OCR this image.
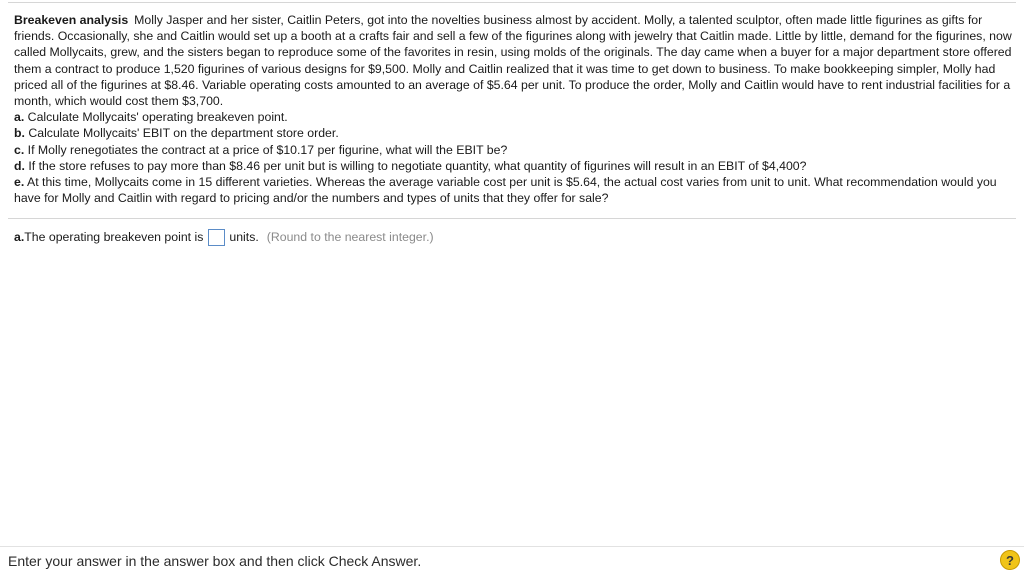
Breakeven analysis Molly Jasper and her sister, Caitlin Peters, got into the novelties business almost by accident. Molly, a talented sculptor, often made little figurines as gifts for friends. Occasionally, she and Caitlin would set up a booth at a crafts fair and sell a few of the figurines along with jewelry that Caitlin made. Little by little, demand for the figurines, now called Mollycaits, grew, and the sisters began to reproduce some of the favorites in resin, using molds of the originals. The day came when a buyer for a major department store offered them a contract to produce 1,520 figurines of various designs for $9,500. Molly and Caitlin realized that it was time to get down to business. To make bookkeeping simpler, Molly had priced all of the figurines at $8.46. Variable operating costs amounted to an average of $5.64 per unit. To produce the order, Molly and Caitlin would have to rent industrial facilities for a month, which would cost them $3,700.

a. Calculate Mollycaits' operating breakeven point.

b. Calculate Mollycaits' EBIT on the department store order.

c. If Molly renegotiates the contract at a price of $10.17 per figurine, what will the EBIT be?

d. If the store refuses to pay more than $8.46 per unit but is willing to negotiate quantity, what quantity of figurines will result in an EBIT of $4,400?

e. At this time, Mollycaits come in 15 different varieties. Whereas the average variable cost per unit is $5.64, the actual cost varies from unit to unit. What recommendation would you have for Molly and Caitlin with regard to pricing and/or the numbers and types of units that they offer for sale?

a. The operating breakeven point is units. (Round to the nearest integer.)
Enter your answer in the answer box and then click Check Answer.	?
